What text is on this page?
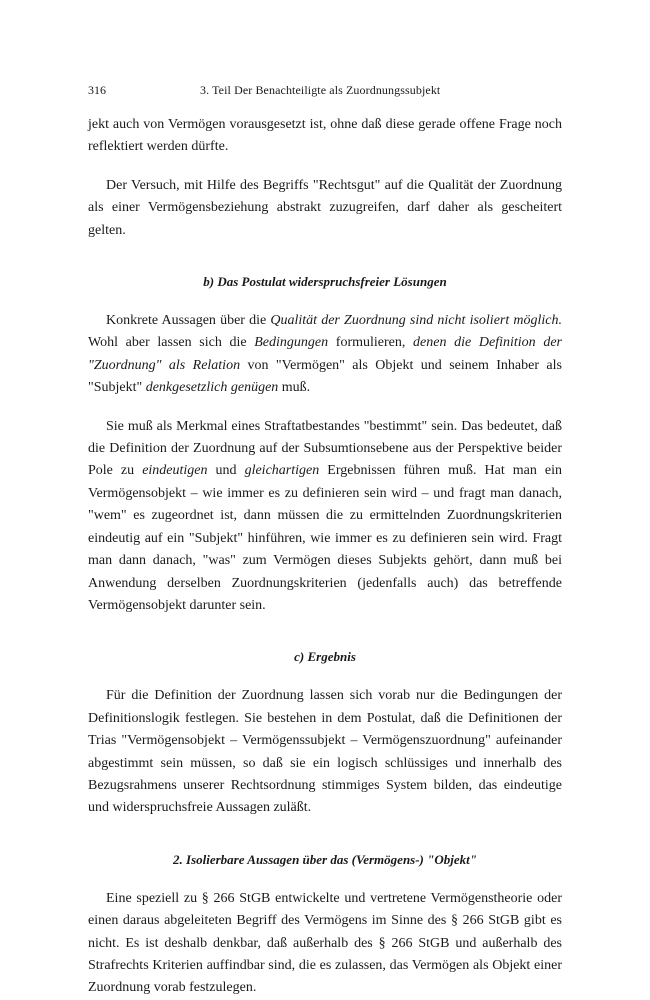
316	3. Teil Der Benachteiligte als Zuordnungssubjekt

jekt auch von Vermögen vorausgesetzt ist, ohne daß diese gerade offene Frage noch reflektiert werden dürfte.

Der Versuch, mit Hilfe des Begriffs "Rechtsgut" auf die Qualität der Zuordnung als einer Vermögensbeziehung abstrakt zuzugreifen, darf daher als gescheitert gelten.

b) Das Postulat widerspruchsfreier Lösungen

Konkrete Aussagen über die Qualität der Zuordnung sind nicht isoliert möglich. Wohl aber lassen sich die Bedingungen formulieren, denen die Definition der "Zuordnung" als Relation von "Vermögen" als Objekt und seinem Inhaber als "Subjekt" denkgesetzlich genügen muß.

Sie muß als Merkmal eines Straftatbestandes "bestimmt" sein. Das bedeutet, daß die Definition der Zuordnung auf der Subsumtionsebene aus der Perspektive beider Pole zu eindeutigen und gleichartigen Ergebnissen führen muß. Hat man ein Vermögensobjekt – wie immer es zu definieren sein wird – und fragt man danach, "wem" es zugeordnet ist, dann müssen die zu ermittelnden Zuordnungskriterien eindeutig auf ein "Subjekt" hinführen, wie immer es zu definieren sein wird. Fragt man dann danach, "was" zum Vermögen dieses Subjekts gehört, dann muß bei Anwendung derselben Zuordnungskriterien (jedenfalls auch) das betreffende Vermögensobjekt darunter sein.

c) Ergebnis

Für die Definition der Zuordnung lassen sich vorab nur die Bedingungen der Definitionslogik festlegen. Sie bestehen in dem Postulat, daß die Definitionen der Trias "Vermögensobjekt – Vermögenssubjekt – Vermögenszuordnung" aufeinander abgestimmt sein müssen, so daß sie ein logisch schlüssiges und innerhalb des Bezugsrahmens unserer Rechtsordnung stimmiges System bilden, das eindeutige und widerspruchsfreie Aussagen zuläßt.

2. Isolierbare Aussagen über das (Vermögens-) "Objekt"

Eine speziell zu § 266 StGB entwickelte und vertretene Vermögenstheorie oder einen daraus abgeleiteten Begriff des Vermögens im Sinne des § 266 StGB gibt es nicht. Es ist deshalb denkbar, daß außerhalb des § 266 StGB und außerhalb des Strafrechts Kriterien auffindbar sind, die es zulassen, das Vermögen als Objekt einer Zuordnung vorab festzulegen.
